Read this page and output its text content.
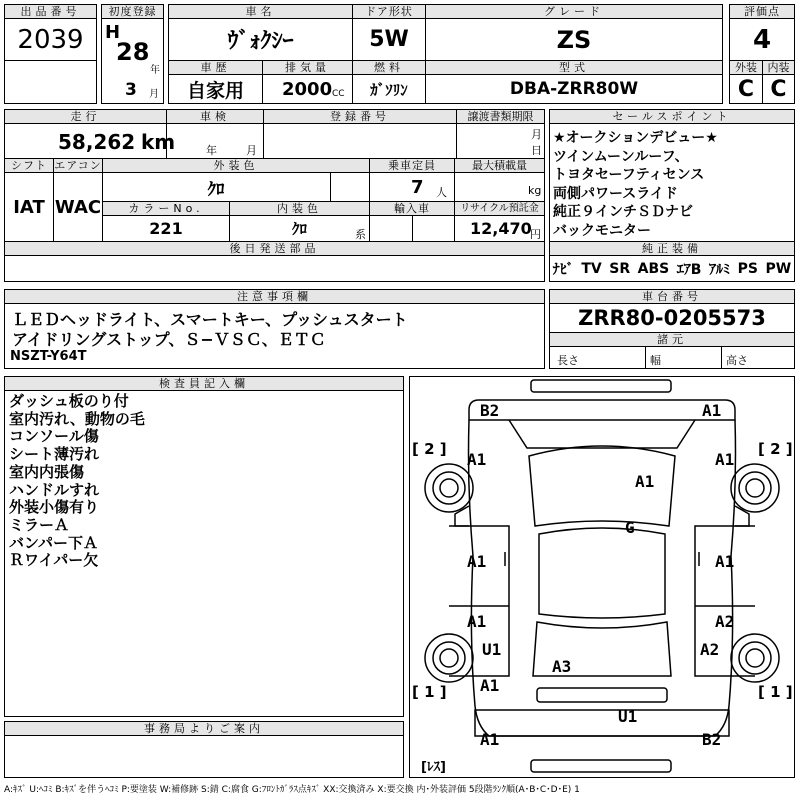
出品番号
2039
初度登録
H
28
年
3 月
車名
ｳﾞｫｸｼｰ
車歴
自家用
排気量
2000 CC
ドア形状
5W
燃料
ｶﾞｿﾘﾝ
グレード
ZS
型式
DBA-ZRR80W
評価点
4
外装 内装
C C
走行
58,262 km
車検
年	月
登録番号	譲渡書類期限
月
日
シフト
IAT
エアコン
WAC
外装色
ｸﾛ
乗車定員
7 人
最大積載量
kg
カラーNo.
221
内装色
ｸﾛ	系
輸入車	リサイクル預託金
12,470
円
後日発送部品
セールスポイント
★オークションデビュー★
ツインムーンルーフ、
トヨタセーフティセンス
両側パワースライド
純正９インチＳＤナビ
バックモニター
純正装備
ﾅﾋﾞ TV SR ABS ｴｱB ｱﾙﾐ PS PW
注意事項欄
ＬＥＤヘッドライト、スマートキー、プッシュスタート
アイドリングストップ、Ｓ−ＶＳＣ、ＥＴＣ
NSZT-Y64T
車台番号
ZRR80-0205573
諸元
長さ	幅	高さ
検査員記入欄
ダッシュ板のり付
室内汚れ、動物の毛
コンソール傷
シート薄汚れ
室内内張傷
ハンドルすれ
外装小傷有り
ミラーＡ
バンパー下Ａ
Ｒワイパー欠
事務局よりご案内
B2	A1
A1	A1
A1
G
A1	A1
A1	A2
U1
A3
A2
A1
U1
A1	B2
[ 2 ]	[ 2 ]
[ 1 ]	[ 1 ]
[ﾚｽ]
A:ｷｽﾞ U:ﾍｺﾐ B:ｷｽﾞを伴うﾍｺﾐ P:要塗装 W:補修跡 S:錆 C:腐食 G:ﾌﾛﾝﾄｶﾞﾗｽ点ｷｽﾞ XX:交換済み X:要交換 内･外装評価 5段階ﾗﾝｸ順(A･B･C･D･E) 1
